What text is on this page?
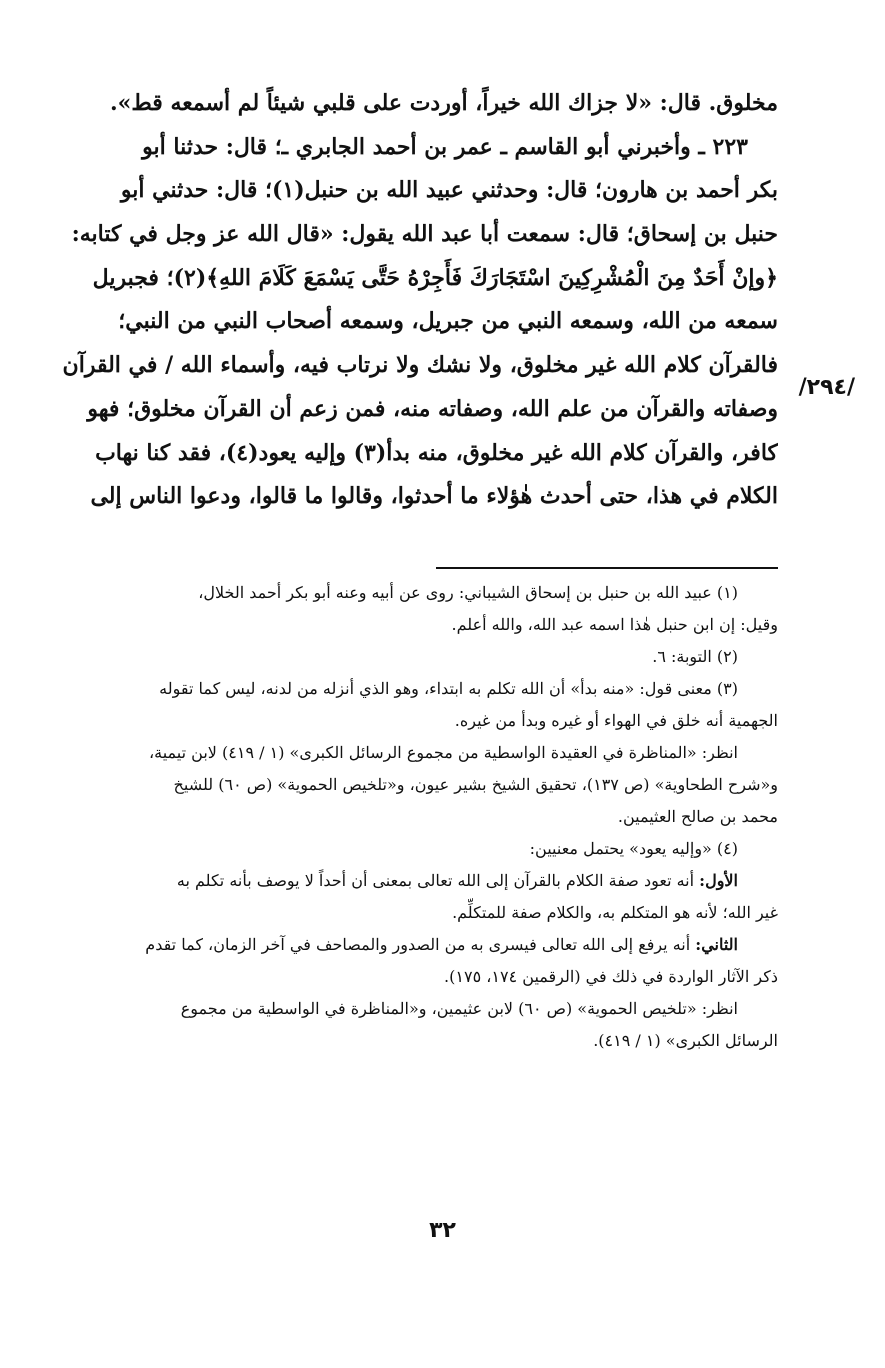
مخلوق. قال: «لا جزاك الله خيراً، أوردت على قلبي شيئاً لم أسمعه قط».
٢٢٣ ـ وأخبرني أبو القاسم ـ عمر بن أحمد الجابري ـ؛ قال: حدثنا أبو
بكر أحمد بن هارون؛ قال: وحدثني عبيد الله بن حنبل(١)؛ قال: حدثني أبو
حنبل بن إسحاق؛ قال: سمعت أبا عبد الله يقول: «قال الله عز وجل في كتابه:
﴿وإنْ أَحَدٌ مِنَ الْمُشْرِكِينَ اسْتَجَارَكَ فَأَجِرْهُ حَتَّى يَسْمَعَ كَلَامَ اللهِ﴾(٢)؛ فجبريل
سمعه من الله، وسمعه النبي من جبريل، وسمعه أصحاب النبي من النبي؛
فالقرآن كلام الله غير مخلوق، ولا نشك ولا نرتاب فيه، وأسماء الله / في القرآن
وصفاته والقرآن من علم الله، وصفاته منه، فمن زعم أن القرآن مخلوق؛ فهو
كافر، والقرآن كلام الله غير مخلوق، منه بدأ(٣) وإليه يعود(٤)، فقد كنا نهاب
الكلام في هذا، حتى أحدث هٰؤلاء ما أحدثوا، وقالوا ما قالوا، ودعوا الناس إلى
/٢٩٤/
(١) عبيد الله بن حنبل بن إسحاق الشيباني: روى عن أبيه وعنه أبو بكر أحمد الخلال،
وقيل: إن ابن حنبل هٰذا اسمه عبد الله، والله أعلم.
(٢) التوبة: ٦.
(٣) معنى قول: «منه بدأ» أن الله تكلم به ابتداء، وهو الذي أنزله من لدنه، ليس كما تقوله
الجهمية أنه خلق في الهواء أو غيره وبدأ من غيره.
انظر: «المناظرة في العقيدة الواسطية من مجموع الرسائل الكبرى» (١ / ٤١٩) لابن تيمية،
و«شرح الطحاوية» (ص ١٣٧)، تحقيق الشيخ بشير عيون، و«تلخيص الحموية» (ص ٦٠) للشيخ
محمد بن صالح العثيمين.
(٤) «وإليه يعود» يحتمل معنيين:
الأول: أنه تعود صفة الكلام بالقرآن إلى الله تعالى بمعنى أن أحداً لا يوصف بأنه تكلم به
غير الله؛ لأنه هو المتكلم به، والكلام صفة للمتكلِّم.
الثاني: أنه يرفع إلى الله تعالى فيسرى به من الصدور والمصاحف في آخر الزمان، كما تقدم
ذكر الآثار الواردة في ذلك في (الرقمين ١٧٤، ١٧٥).
انظر: «تلخيص الحموية» (ص ٦٠) لابن عثيمين، و«المناظرة في الواسطية من مجموع
الرسائل الكبرى» (١ / ٤١٩).
٣٢
